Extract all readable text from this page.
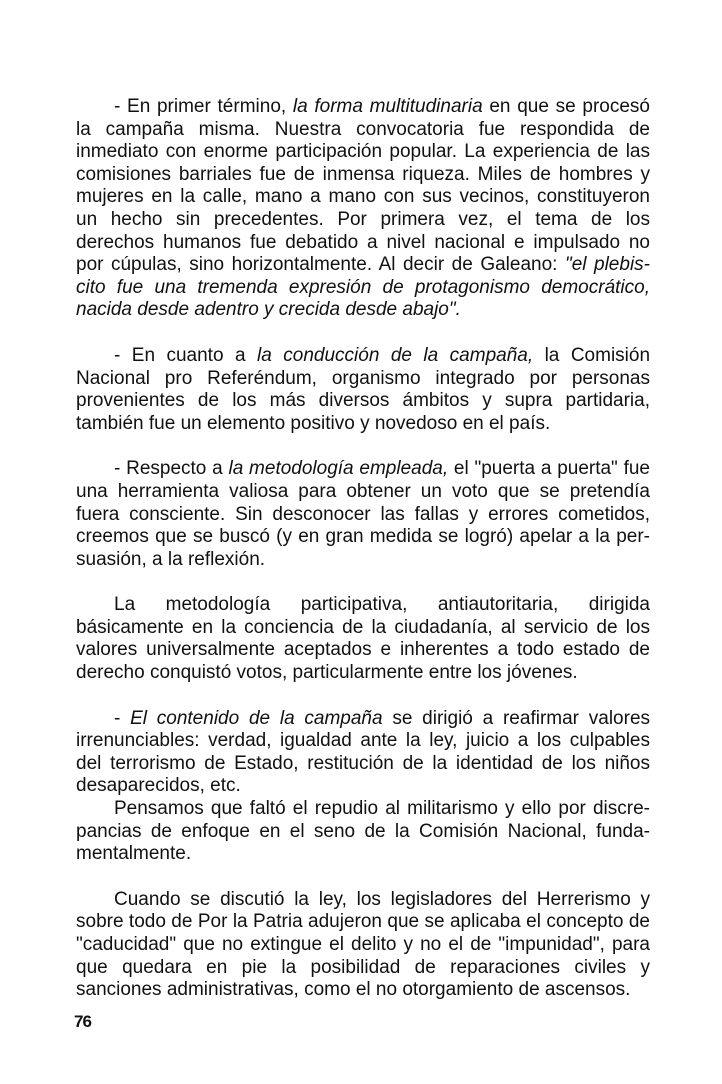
- En primer término, la forma multitudinaria en que se procesó la campaña misma. Nuestra convocatoria fue respondida de inmediato con enorme participación popular. La experiencia de las comisiones barriales fue de inmensa riqueza. Miles de hombres y mujeres en la calle, mano a mano con sus vecinos, constituyeron un hecho sin precedentes. Por primera vez, el tema de los derechos humanos fue debatido a nivel nacional e impulsado no por cúpulas, sino horizontalmente. Al decir de Galeano: "el plebiscito fue una tremenda expresión de protagonismo democrático, nacida desde adentro y crecida desde abajo".

- En cuanto a la conducción de la campaña, la Comisión Nacional pro Referéndum, organismo integrado por personas provenientes de los más diversos ámbitos y supra partidaria, también fue un elemento positivo y novedoso en el país.

- Respecto a la metodología empleada, el "puerta a puerta" fue una herramienta valiosa para obtener un voto que se pretendía fuera consciente. Sin desconocer las fallas y errores cometidos, creemos que se buscó (y en gran medida se logró) apelar a la persuasión, a la reflexión.

La metodología participativa, antiautoritaria, dirigida básicamente en la conciencia de la ciudadanía, al servicio de los valores universalmente aceptados e inherentes a todo estado de derecho conquistó votos, particularmente entre los jóvenes.

- El contenido de la campaña se dirigió a reafirmar valores irrenunciables: verdad, igualdad ante la ley, juicio a los culpables del terrorismo de Estado, restitución de la identidad de los niños desaparecidos, etc.

Pensamos que faltó el repudio al militarismo y ello por discrepancias de enfoque en el seno de la Comisión Nacional, fundamentalmente.

Cuando se discutió la ley, los legisladores del Herrerismo y sobre todo de Por la Patria adujeron que se aplicaba el concepto de "caducidad" que no extingue el delito y no el de "impunidad", para que quedara en pie la posibilidad de reparaciones civiles y sanciones administrativas, como el no otorgamiento de ascensos.

76
